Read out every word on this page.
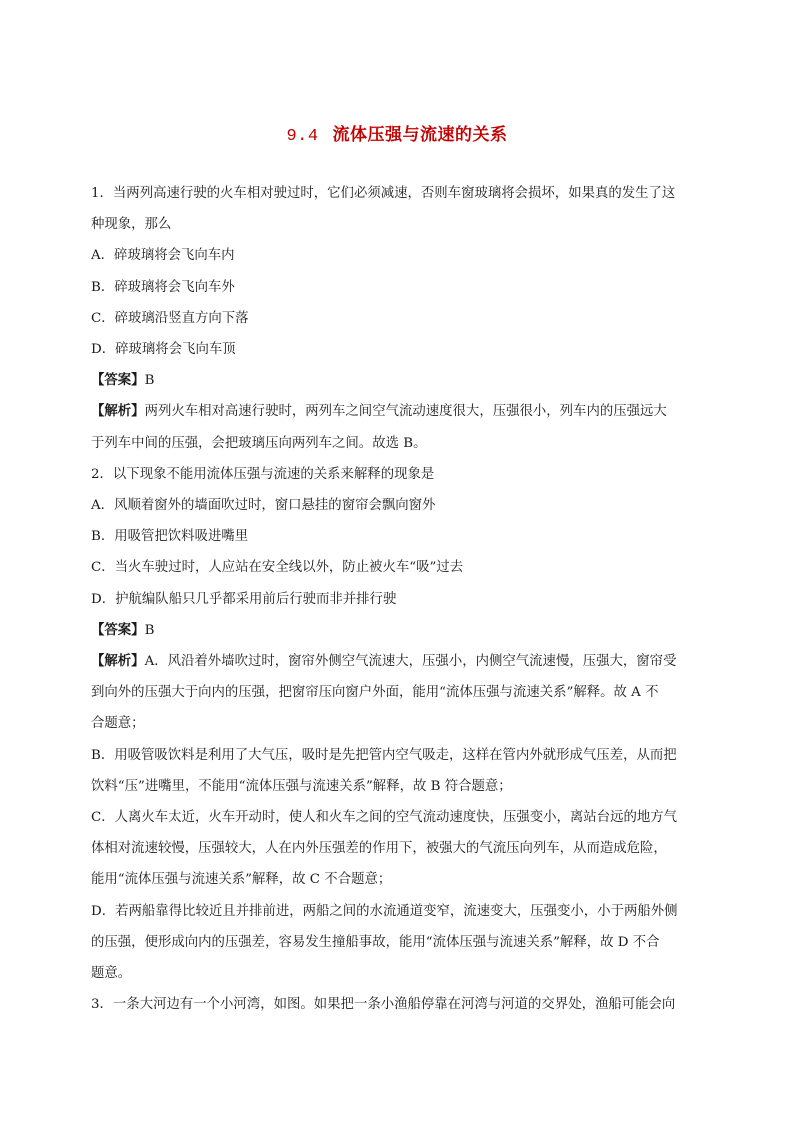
9.4 流体压强与流速的关系
1．当两列高速行驶的火车相对驶过时，它们必须减速，否则车窗玻璃将会损坏，如果真的发生了这
种现象，那么
A．碎玻璃将会飞向车内
B．碎玻璃将会飞向车外
C．碎玻璃沿竖直方向下落
D．碎玻璃将会飞向车顶
【答案】B
【解析】两列火车相对高速行驶时，两列车之间空气流动速度很大，压强很小，列车内的压强远大
于列车中间的压强，会把玻璃压向两列车之间。故选 B。
2．以下现象不能用流体压强与流速的关系来解释的现象是
A．风顺着窗外的墙面吹过时，窗口悬挂的窗帘会飘向窗外
B．用吸管把饮料吸进嘴里
C．当火车驶过时，人应站在安全线以外，防止被火车“吸”过去
D．护航编队船只几乎都采用前后行驶而非并排行驶
【答案】B
【解析】A．风沿着外墙吹过时，窗帘外侧空气流速大，压强小，内侧空气流速慢，压强大，窗帘受
到向外的压强大于向内的压强，把窗帘压向窗户外面，能用“流体压强与流速关系”解释。故 A 不
合题意；
B．用吸管吸饮料是利用了大气压，吸时是先把管内空气吸走，这样在管内外就形成气压差，从而把
饮料“压”进嘴里，不能用“流体压强与流速关系”解释，故 B 符合题意；
C．人离火车太近，火车开动时，使人和火车之间的空气流动速度快，压强变小，离站台远的地方气
体相对流速较慢，压强较大，人在内外压强差的作用下，被强大的气流压向列车，从而造成危险，
能用“流体压强与流速关系”解释，故 C 不合题意；
D．若两船靠得比较近且并排前进，两船之间的水流通道变窄，流速变大，压强变小，小于两船外侧
的压强，便形成向内的压强差，容易发生撞船事故，能用“流体压强与流速关系”解释，故 D 不合
题意。
3．一条大河边有一个小河湾，如图。如果把一条小渔船停靠在河湾与河道的交界处，渔船可能会向
